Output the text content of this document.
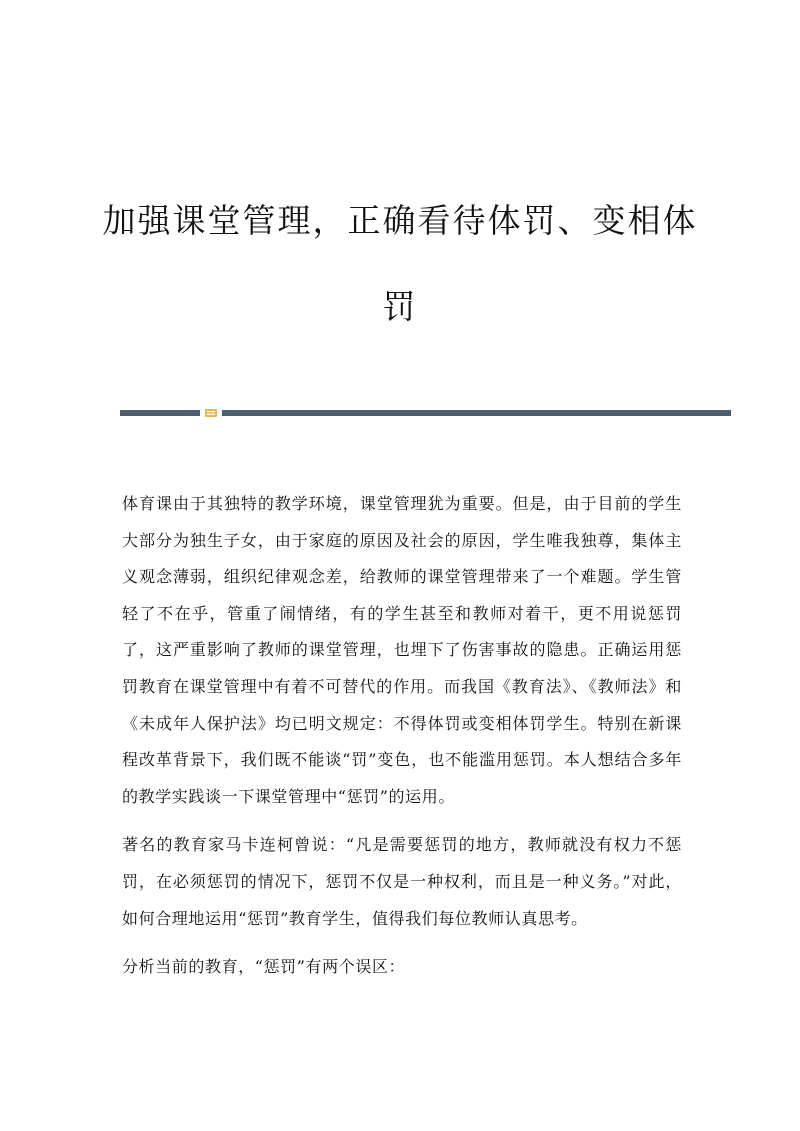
加强课堂管理，正确看待体罚、变相体
罚

体育课由于其独特的教学环境，课堂管理犹为重要。但是，由于目前的学生大部分为独生子女，由于家庭的原因及社会的原因，学生唯我独尊，集体主义观念薄弱，组织纪律观念差，给教师的课堂管理带来了一个难题。学生管轻了不在乎，管重了闹情绪，有的学生甚至和教师对着干，更不用说惩罚了，这严重影响了教师的课堂管理，也埋下了伤害事故的隐患。正确运用惩罚教育在课堂管理中有着不可替代的作用。而我国《教育法》、《教师法》和《未成年人保护法》均已明文规定：不得体罚或变相体罚学生。特别在新课程改革背景下，我们既不能谈“罚”变色，也不能滥用惩罚。本人想结合多年的教学实践谈一下课堂管理中“惩罚”的运用。

著名的教育家马卡连柯曾说：“凡是需要惩罚的地方，教师就没有权力不惩罚，在必须惩罚的情况下，惩罚不仅是一种权利，而且是一种义务。”对此，如何合理地运用“惩罚”教育学生，值得我们每位教师认真思考。

分析当前的教育，“惩罚”有两个误区：
